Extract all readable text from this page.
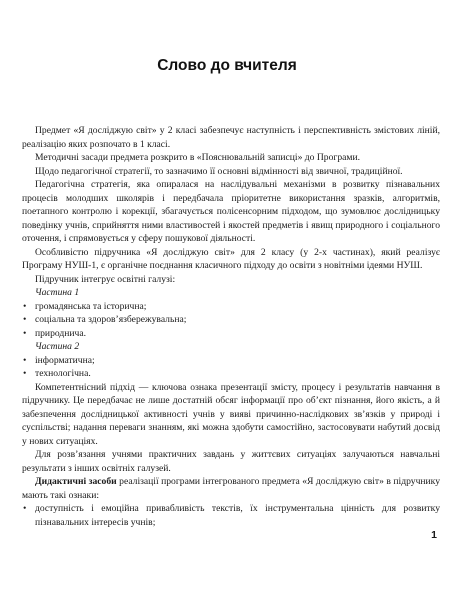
Слово до вчителя

Предмет «Я досліджую світ» у 2 класі забезпечує наступність і перспективність змістових ліній, реалізацію яких розпочато в 1 класі.

Методичні засади предмета розкрито в «Пояснювальній записці» до Програми.

Щодо педагогічної стратегії, то зазначимо її основні відмінності від звичної, традиційної.

Педагогічна стратегія, яка опиралася на наслідувальні механізми в розвитку пізнавальних процесів молодших школярів і передбачала пріоритетне використання зразків, алгоритмів, поетапного контролю і корекції, збагачується полісенсорним підходом, що зумовлює дослідницьку поведінку учнів, сприйняття ними властивостей і якостей предметів і явищ природного і соціального оточення, і спрямовується у сферу пошукової діяльності.

Особливістю підручника «Я досліджую світ» для 2 класу (у 2-х частинах), який реалізує Програму НУШ-1, є органічне поєднання класичного підходу до освіти з новітніми ідеями НУШ.

Підручник інтегрує освітні галузі:

Частина 1
• громадянська та історична;
• соціальна та здоров’язбережувальна;
• природнича.
Частина 2
• інформатична;
• технологічна.

Компетентнісний підхід — ключова ознака презентації змісту, процесу і результатів навчання в підручнику. Це передбачає не лише достатній обсяг інформації про об’єкт пізнання, його якість, а й забезпечення дослідницької активності учнів у виявi причинно-наслідкових зв’язків у природі і суспільстві; надання переваги знанням, які можна здобути самостійно, застосовувати набутий досвід у нових ситуаціях.

Для розв’язання учнями практичних завдань у життєвих ситуаціях залучаються навчальні результати з інших освітніх галузей.

Дидактичні засоби реалізації програми інтегрованого предмета «Я досліджую світ» в підручнику мають такі ознаки:

• доступність і емоційна привабливість текстів, їх інструментальна цінність для розвитку пізнавальних інтересів учнів;
1
